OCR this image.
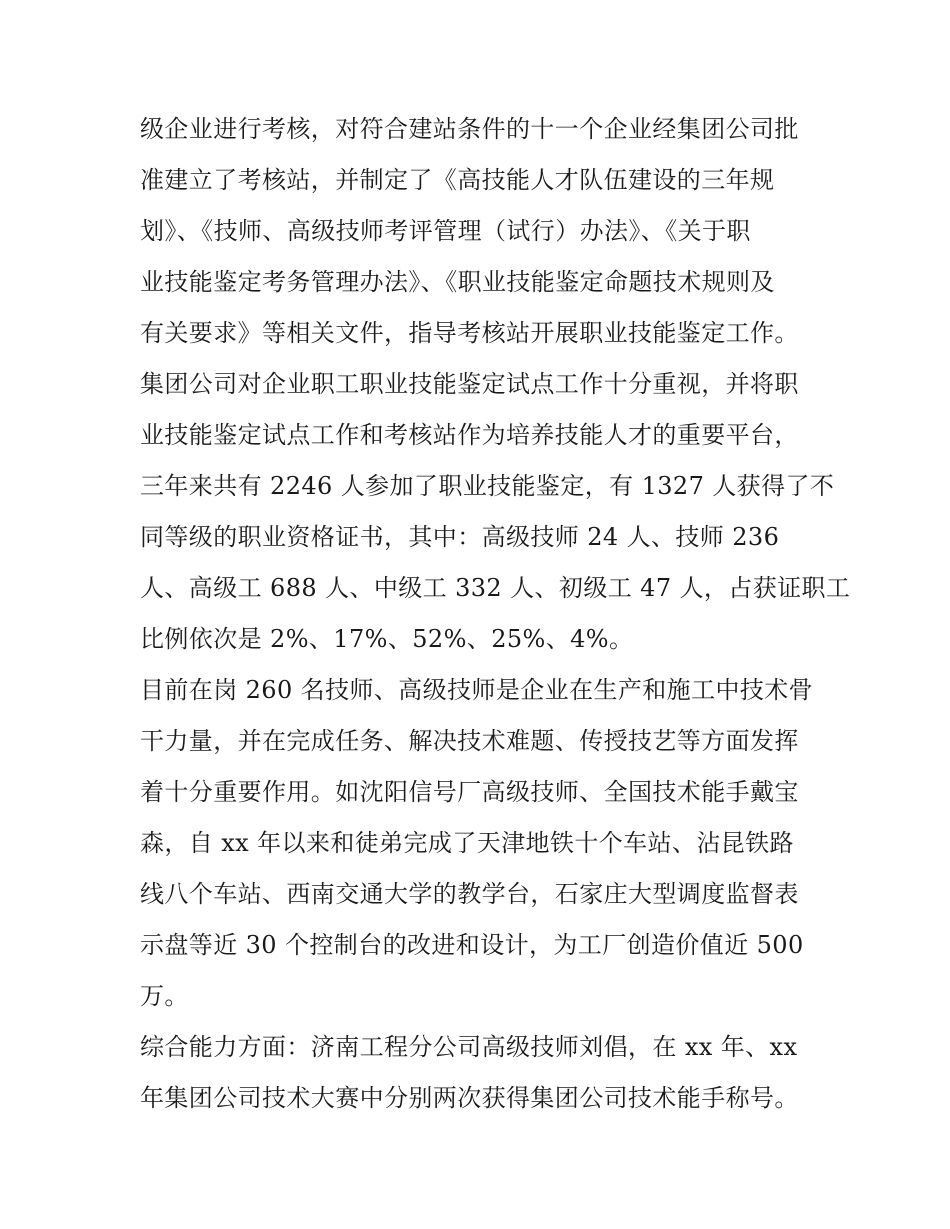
级企业进行考核，对符合建站条件的十一个企业经集团公司批
准建立了考核站，并制定了《高技能人才队伍建设的三年规
划》、《技师、高级技师考评管理（试行）办法》、《关于职
业技能鉴定考务管理办法》、《职业技能鉴定命题技术规则及
有关要求》等相关文件，指导考核站开展职业技能鉴定工作。
集团公司对企业职工职业技能鉴定试点工作十分重视，并将职
业技能鉴定试点工作和考核站作为培养技能人才的重要平台，
三年来共有 2246 人参加了职业技能鉴定，有 1327 人获得了不
同等级的职业资格证书，其中：高级技师 24 人、技师 236
人、高级工 688 人、中级工 332 人、初级工 47 人，占获证职工
比例依次是 2%、17%、52%、25%、4%。
目前在岗 260 名技师、高级技师是企业在生产和施工中技术骨
干力量，并在完成任务、解决技术难题、传授技艺等方面发挥
着十分重要作用。如沈阳信号厂高级技师、全国技术能手戴宝
森，自 xx 年以来和徒弟完成了天津地铁十个车站、沾昆铁路
线八个车站、西南交通大学的教学台，石家庄大型调度监督表
示盘等近 30 个控制台的改进和设计，为工厂创造价值近 500
万。
综合能力方面：济南工程分公司高级技师刘倡，在 xx 年、xx
年集团公司技术大赛中分别两次获得集团公司技术能手称号。
